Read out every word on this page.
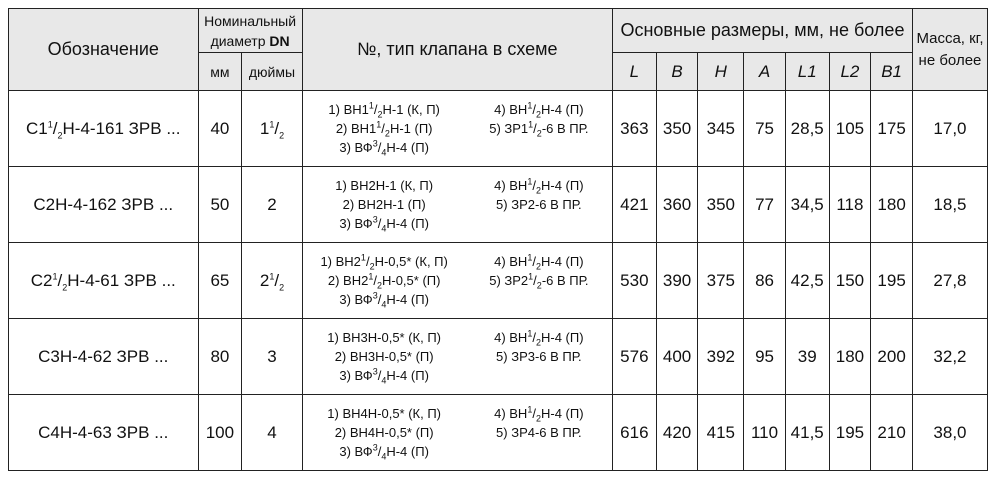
Обозначение	Номинальный диаметр DN		№, тип клапана в схеме	Основные размеры, мм, не более							Масса, кг, не более
	мм	дюймы		L	B	H	A	L1	L2	B1	
$С1^1/_2Н-4-161$ ЗРВ ...	40	$1^1/_2$	1) $ВН1^1/_2Н-1$ (К, П) 4) $ВН^1/_2Н-4$ (П)
2) $ВН1^1/_2Н-1$ (П) 5) $ЗР1^1/_2-6$ В ПР.
3) $ВФ^3/_4Н-4$ (П)	363	350	345	75	28,5	105	175	17,0
С2Н-4-162 ЗРВ ...	50	2	1) ВН2Н-1 (К, П) 4) $ВН^1/_2Н-4$ (П)
2) ВН2Н-1 (П) 5) ЗР2-6 В ПР.
3) $ВФ^3/_4Н-4$ (П)	421	360	350	77	34,5	118	180	18,5
$С2^1/_2Н-4-61$ ЗРВ ...	65	$2^1/_2$	1) $ВН2^1/_2Н-0,5*$ (К, П) 4) $ВН^1/_2Н-4$ (П)
2) $ВН2^1/_2Н-0,5*$ (П) 5) $ЗР2^1/_2-6$ В ПР.
3) $ВФ^3/_4Н-4$ (П)	530	390	375	86	42,5	150	195	27,8
С3Н-4-62 ЗРВ ...	80	3	1) ВН3Н-0,5* (К, П) 4) $ВН^1/_2Н-4$ (П)
2) ВН3Н-0,5* (П) 5) ЗР3-6 В ПР.
3) $ВФ^3/_4Н-4$ (П)	576	400	392	95	39	180	200	32,2
С4Н-4-63 ЗРВ ...	100	4	1) ВН4Н-0,5* (К, П) 4) $ВН^1/_2Н-4$ (П)
2) ВН4Н-0,5* (П) 5) ЗР4-6 В ПР.
3) $ВФ^3/_4Н-4$ (П)	616	420	415	110	41,5	195	210	38,0
